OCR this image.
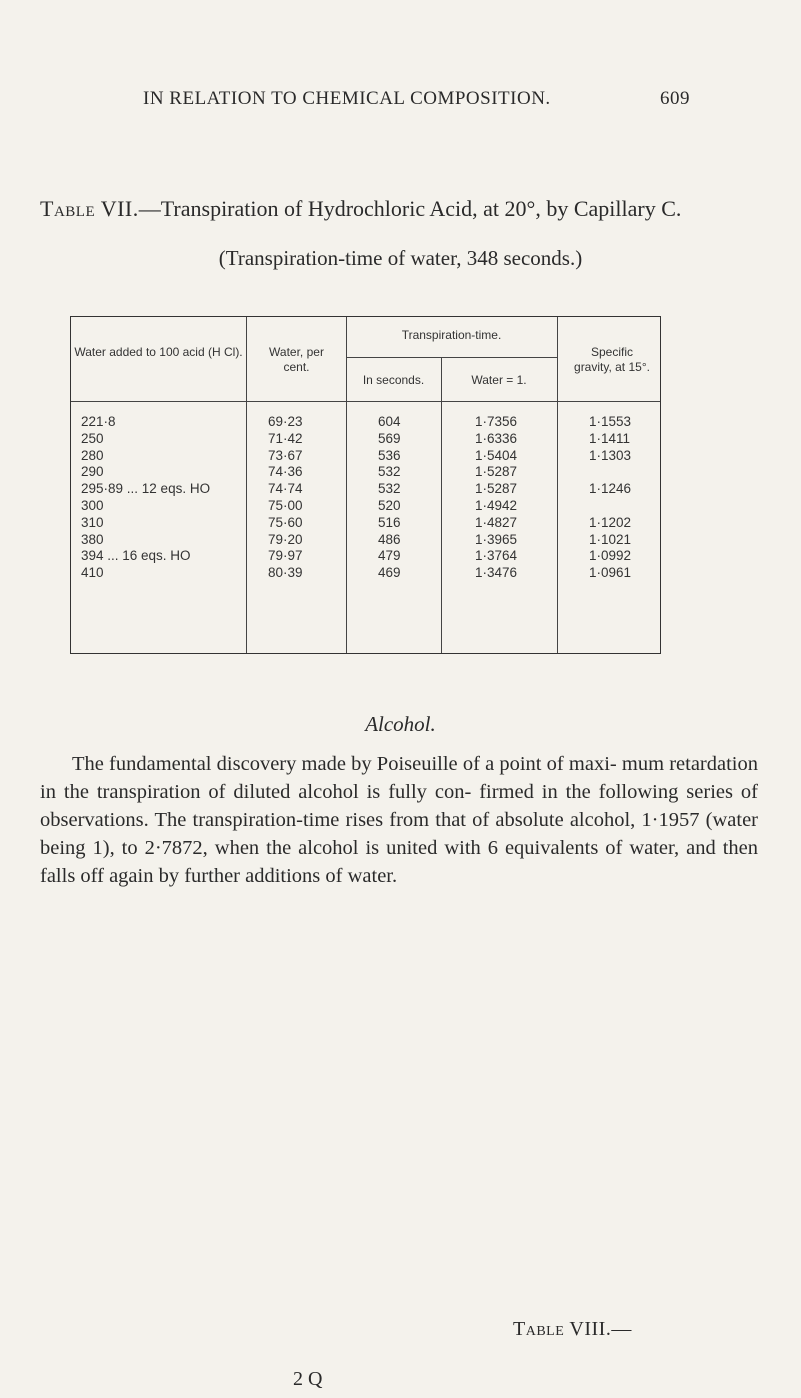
IN RELATION TO CHEMICAL COMPOSITION.	609
Table VII.—Transpiration of Hydrochloric Acid, at 20°, by Capillary C.
(Transpiration-time of water, 348 seconds.)
Water added to 100 acid (H Cl).	Water, per cent.
Transpiration-time.
In seconds.	Water = 1.
Specific gravity, at 15°.
221·8	69·23	604	1·7356	1·1553
250	71·42	569	1·6336	1·1411
280	73·67	536	1·5404	1·1303
290	74·36	532	1·5287
295·89 ... 12 eqs. HO	74·74	532	1·5287	1·1246
300	75·00	520	1·4942
310	75·60	516	1·4827	1·1202
380	79·20	486	1·3965	1·1021
394 ... 16 eqs. HO	79·97	479	1·3764	1·0992
410	80·39	469	1·3476	1·0961
Alcohol.

The fundamental discovery made by Poiseuille of a point of maxi- mum retardation in the transpiration of diluted alcohol is fully con- firmed in the following series of observations. The transpiration-time rises from that of absolute alcohol, 1·1957 (water being 1), to 2·7872, when the alcohol is united with 6 equivalents of water, and then falls off again by further additions of water.

Table VIII.—
2 Q
